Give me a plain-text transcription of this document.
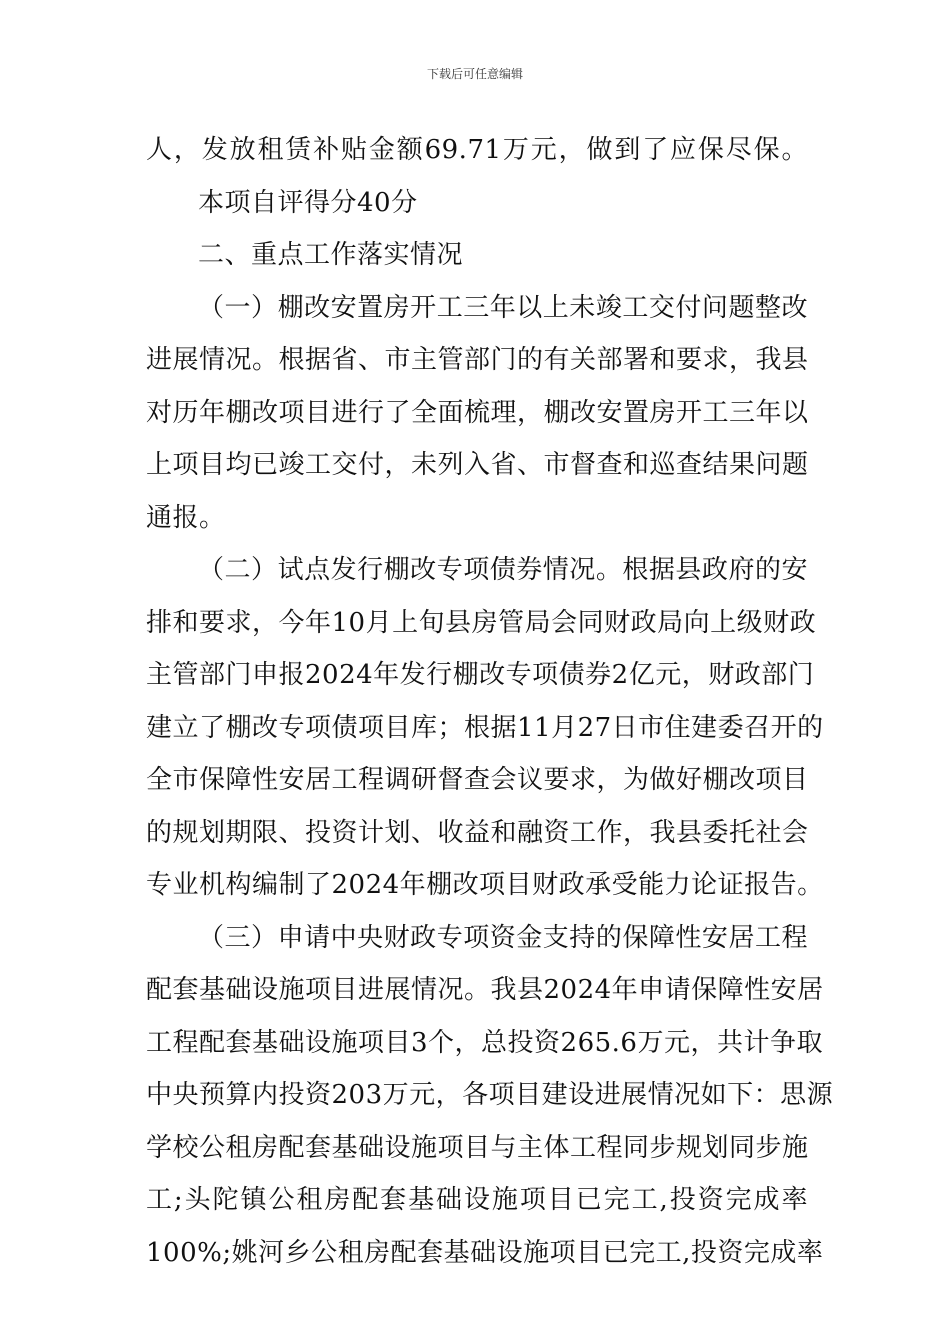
下载后可任意编辑
人，发放租赁补贴金额69.71万元，做到了应保尽保。
本项自评得分40分
二、重点工作落实情况
（一）棚改安置房开工三年以上未竣工交付问题整改
进展情况。根据省、市主管部门的有关部署和要求，我县
对历年棚改项目进行了全面梳理，棚改安置房开工三年以
上项目均已竣工交付，未列入省、市督查和巡查结果问题
通报。
（二）试点发行棚改专项债券情况。根据县政府的安
排和要求，今年10月上旬县房管局会同财政局向上级财政
主管部门申报2024年发行棚改专项债券2亿元，财政部门
建立了棚改专项债项目库；根据11月27日市住建委召开的
全市保障性安居工程调研督查会议要求，为做好棚改项目
的规划期限、投资计划、收益和融资工作，我县委托社会
专业机构编制了2024年棚改项目财政承受能力论证报告。
（三）申请中央财政专项资金支持的保障性安居工程
配套基础设施项目进展情况。我县2024年申请保障性安居
工程配套基础设施项目3个，总投资265.6万元，共计争取
中央预算内投资203万元，各项目建设进展情况如下：思源
学校公租房配套基础设施项目与主体工程同步规划同步施
工;头陀镇公租房配套基础设施项目已完工,投资完成率
100%;姚河乡公租房配套基础设施项目已完工,投资完成率
